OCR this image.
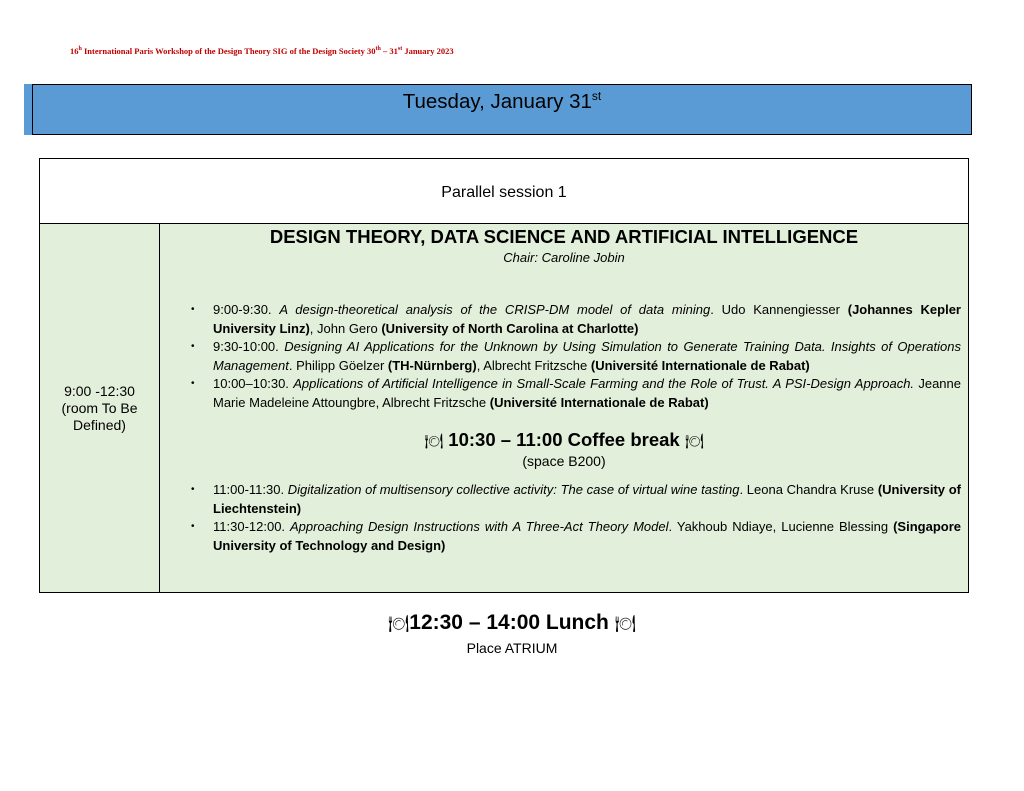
16$^h$ International Paris Workshop of the Design Theory SIG of the Design Society 30th – 31st January 2023
Tuesday, January 31st
Parallel session 1

9:00 -12:30 (room To Be Defined)

DESIGN THEORY, DATA SCIENCE AND ARTIFICIAL INTELLIGENCE
Chair: Caroline Jobin
• 9:00-9:30. A design-theoretical analysis of the CRISP-DM model of data mining. Udo Kannengiesser (Johannes Kepler University Linz), John Gero (University of North Carolina at Charlotte)
• 9:30-10:00. Designing AI Applications for the Unknown by Using Simulation to Generate Training Data. Insights of Operations Management. Philipp Göelzer (TH-Nürnberg), Albrecht Fritzsche (Université Internationale de Rabat)
• 10:00–10:30. Applications of Artificial Intelligence in Small-Scale Farming and the Role of Trust. A PSI-Design Approach. Jeanne Marie Madeleine Attoungbre, Albrecht Fritzsche (Université Internationale de Rabat)
🍽 10:30 – 11:00 Coffee break 🍽
(space B200)
• 11:00-11:30. Digitalization of multisensory collective activity: The case of virtual wine tasting. Leona Chandra Kruse (University of Liechtenstein)
• 11:30-12:00. Approaching Design Instructions with A Three-Act Theory Model. Yakhoub Ndiaye, Lucienne Blessing (Singapore University of Technology and Design)
🍽12:30 – 14:00 Lunch 🍽
Place ATRIUM
